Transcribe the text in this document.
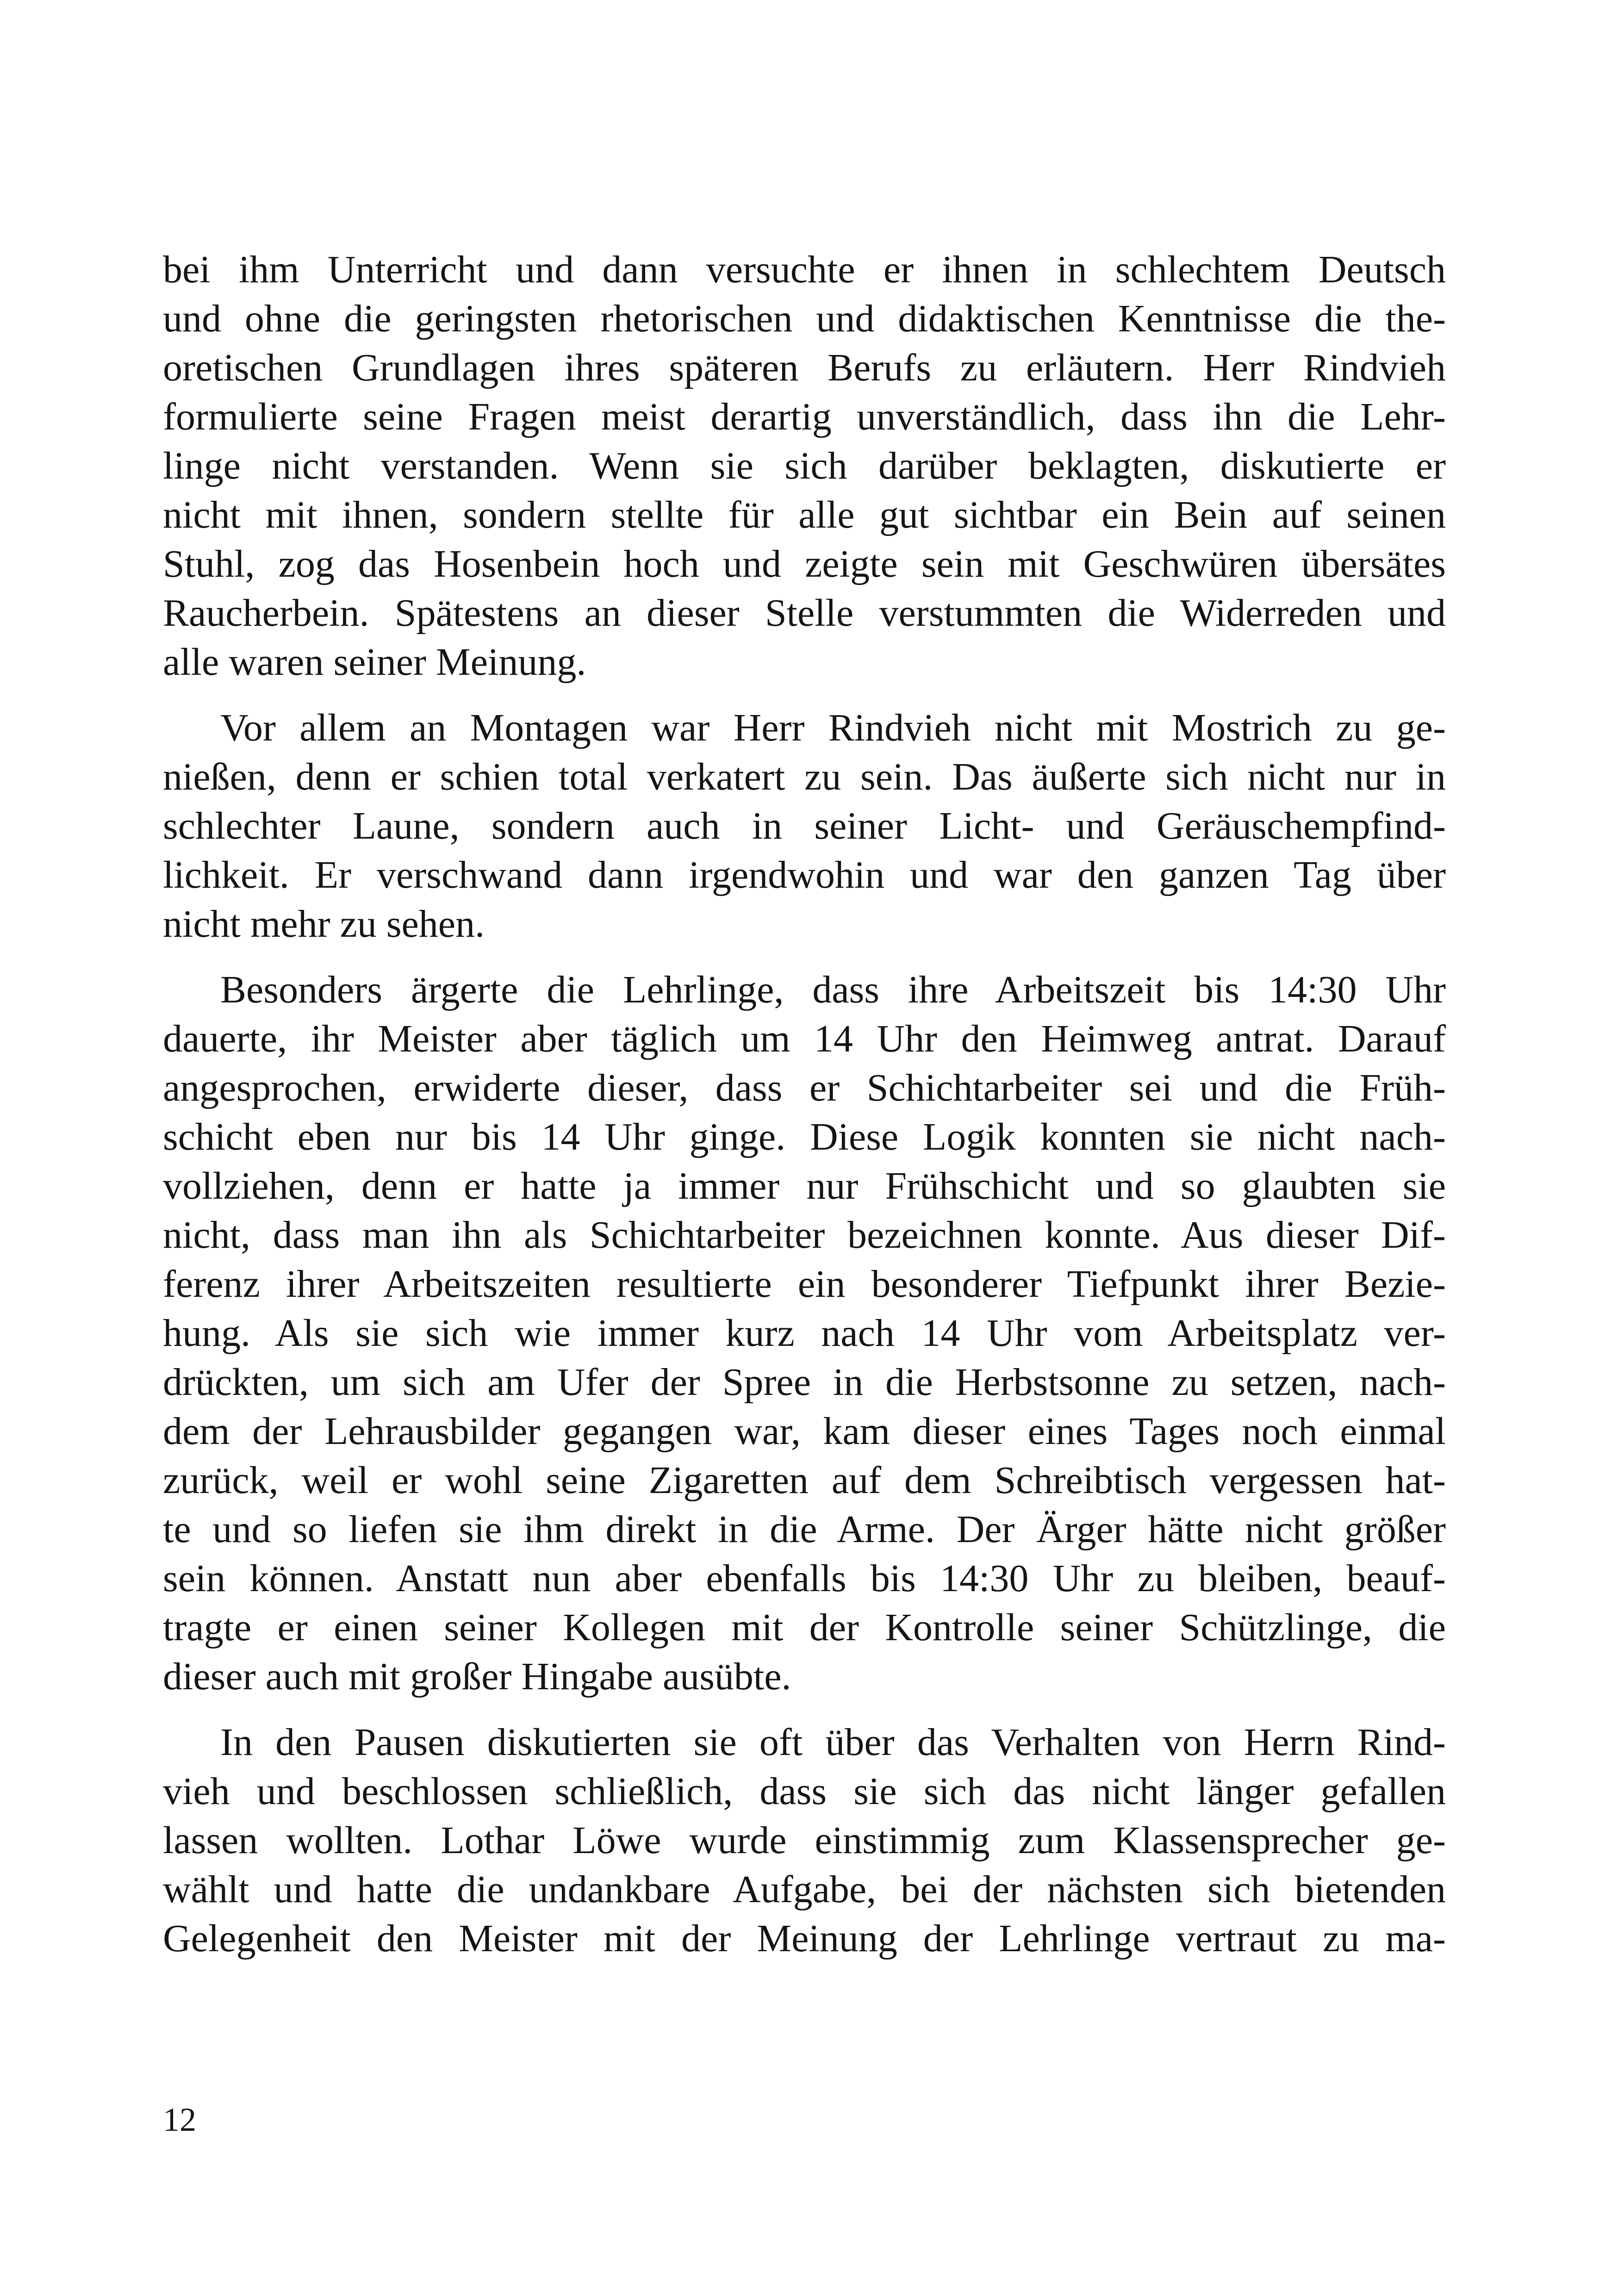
bei ihm Unterricht und dann versuchte er ihnen in schlechtem Deutsch
und ohne die geringsten rhetorischen und didaktischen Kenntnisse die the-
oretischen Grundlagen ihres späteren Berufs zu erläutern. Herr Rindvieh
formulierte seine Fragen meist derartig unverständlich, dass ihn die Lehr-
linge nicht verstanden. Wenn sie sich darüber beklagten, diskutierte er
nicht mit ihnen, sondern stellte für alle gut sichtbar ein Bein auf seinen
Stuhl, zog das Hosenbein hoch und zeigte sein mit Geschwüren übersätes
Raucherbein. Spätestens an dieser Stelle verstummten die Widerreden und
alle waren seiner Meinung.
Vor allem an Montagen war Herr Rindvieh nicht mit Mostrich zu ge-
nießen, denn er schien total verkatert zu sein. Das äußerte sich nicht nur in
schlechter Laune, sondern auch in seiner Licht- und Geräuschempfind-
lichkeit. Er verschwand dann irgendwohin und war den ganzen Tag über
nicht mehr zu sehen.
Besonders ärgerte die Lehrlinge, dass ihre Arbeitszeit bis 14:30 Uhr
dauerte, ihr Meister aber täglich um 14 Uhr den Heimweg antrat. Darauf
angesprochen, erwiderte dieser, dass er Schichtarbeiter sei und die Früh-
schicht eben nur bis 14 Uhr ginge. Diese Logik konnten sie nicht nach-
vollziehen, denn er hatte ja immer nur Frühschicht und so glaubten sie
nicht, dass man ihn als Schichtarbeiter bezeichnen konnte. Aus dieser Dif-
ferenz ihrer Arbeitszeiten resultierte ein besonderer Tiefpunkt ihrer Bezie-
hung. Als sie sich wie immer kurz nach 14 Uhr vom Arbeitsplatz ver-
drückten, um sich am Ufer der Spree in die Herbstsonne zu setzen, nach-
dem der Lehrausbilder gegangen war, kam dieser eines Tages noch einmal
zurück, weil er wohl seine Zigaretten auf dem Schreibtisch vergessen hat-
te und so liefen sie ihm direkt in die Arme. Der Ärger hätte nicht größer
sein können. Anstatt nun aber ebenfalls bis 14:30 Uhr zu bleiben, beauf-
tragte er einen seiner Kollegen mit der Kontrolle seiner Schützlinge, die
dieser auch mit großer Hingabe ausübte.
In den Pausen diskutierten sie oft über das Verhalten von Herrn Rind-
vieh und beschlossen schließlich, dass sie sich das nicht länger gefallen
lassen wollten. Lothar Löwe wurde einstimmig zum Klassensprecher ge-
wählt und hatte die undankbare Aufgabe, bei der nächsten sich bietenden
Gelegenheit den Meister mit der Meinung der Lehrlinge vertraut zu ma-
12
